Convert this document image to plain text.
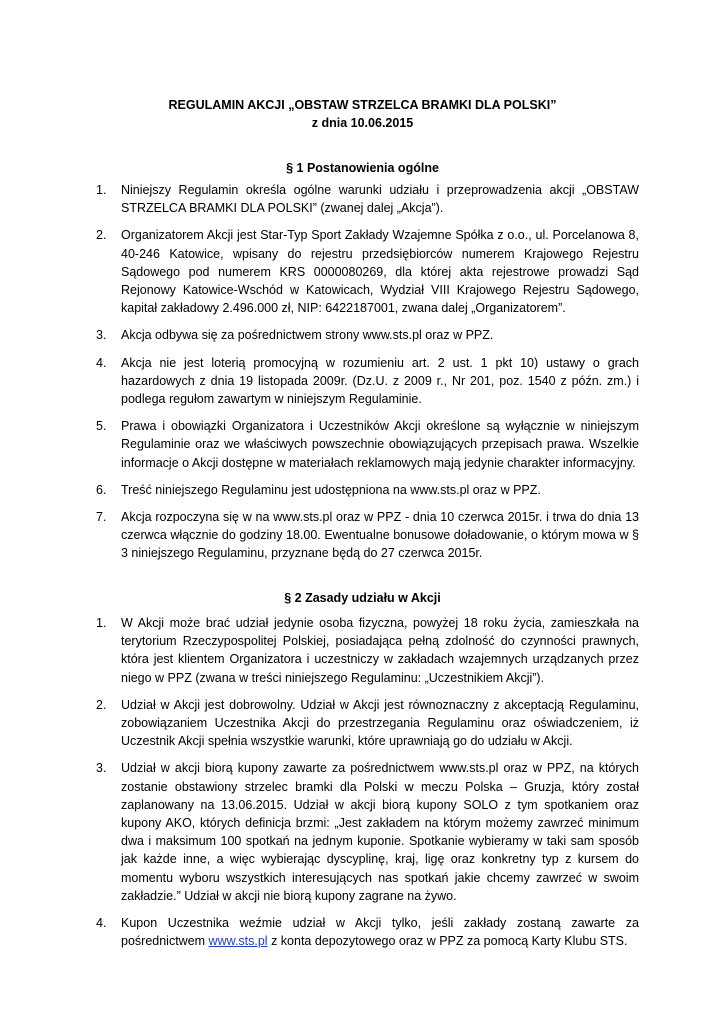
REGULAMIN AKCJI „OBSTAW STRZELCA BRAMKI DLA POLSKI”
z dnia 10.06.2015
§ 1 Postanowienia ogólne
1. Niniejszy Regulamin określa ogólne warunki udziału i przeprowadzenia akcji „OBSTAW STRZELCA BRAMKI DLA POLSKI” (zwanej dalej „Akcja”).
2. Organizatorem Akcji jest Star-Typ Sport Zakłady Wzajemne Spółka z o.o., ul. Porcelanowa 8, 40-246 Katowice, wpisany do rejestru przedsiębiorców numerem Krajowego Rejestru Sądowego pod numerem KRS 0000080269, dla której akta rejestrowe prowadzi Sąd Rejonowy Katowice-Wschód w Katowicach, Wydział VIII Krajowego Rejestru Sądowego, kapitał zakładowy 2.496.000 zł, NIP: 6422187001, zwana dalej „Organizatorem”.
3. Akcja odbywa się za pośrednictwem strony www.sts.pl oraz w PPZ.
4. Akcja nie jest loterią promocyjną w rozumieniu art. 2 ust. 1 pkt 10) ustawy o grach hazardowych z dnia 19 listopada 2009r. (Dz.U. z 2009 r., Nr 201, poz. 1540 z późn. zm.) i podlega regułom zawartym w niniejszym Regulaminie.
5. Prawa i obowiązki Organizatora i Uczestników Akcji określone są wyłącznie w niniejszym Regulaminie oraz we właściwych powszechnie obowiązujących przepisach prawa. Wszelkie informacje o Akcji dostępne w materiałach reklamowych mają jedynie charakter informacyjny.
6. Treść niniejszego Regulaminu jest udostępniona na www.sts.pl oraz w PPZ.
7. Akcja rozpoczyna się w na www.sts.pl oraz w PPZ - dnia 10 czerwca 2015r. i trwa do dnia 13 czerwca włącznie do godziny 18.00. Ewentualne bonusowe doładowanie, o którym mowa w § 3 niniejszego Regulaminu, przyznane będą do 27 czerwca 2015r.
§ 2 Zasady udziału w Akcji
1. W Akcji może brać udział jedynie osoba fizyczna, powyżej 18 roku życia, zamieszkała na terytorium Rzeczypospolitej Polskiej, posiadająca pełną zdolność do czynności prawnych, która jest klientem Organizatora i uczestniczy w zakładach wzajemnych urządzanych przez niego w PPZ (zwana w treści niniejszego Regulaminu: „Uczestnikiem Akcji”).
2. Udział w Akcji jest dobrowolny. Udział w Akcji jest równoznaczny z akceptacją Regulaminu, zobowiązaniem Uczestnika Akcji do przestrzegania Regulaminu oraz oświadczeniem, iż Uczestnik Akcji spełnia wszystkie warunki, które uprawniają go do udziału w Akcji.
3. Udział w akcji biorą kupony zawarte za pośrednictwem www.sts.pl oraz w PPZ, na których zostanie obstawiony strzelec bramki dla Polski w meczu Polska – Gruzja, który został zaplanowany na 13.06.2015. Udział w akcji biorą kupony SOLO z tym spotkaniem oraz kupony AKO, których definicja brzmi: „Jest zakładem na którym możemy zawrzeć minimum dwa i maksimum 100 spotkań na jednym kuponie. Spotkanie wybieramy w taki sam sposób jak każde inne, a więc wybierając dyscyplinę, kraj, ligę oraz konkretny typ z kursem do momentu wyboru wszystkich interesujących nas spotkań jakie chcemy zawrzeć w swoim zakładzie.” Udział w akcji nie biorą kupony zagrane na żywo.
4. Kupon Uczestnika weźmie udział w Akcji tylko, jeśli zakłady zostaną zawarte za pośrednictwem www.sts.pl z konta depozytowego oraz w PPZ za pomocą Karty Klubu STS.
